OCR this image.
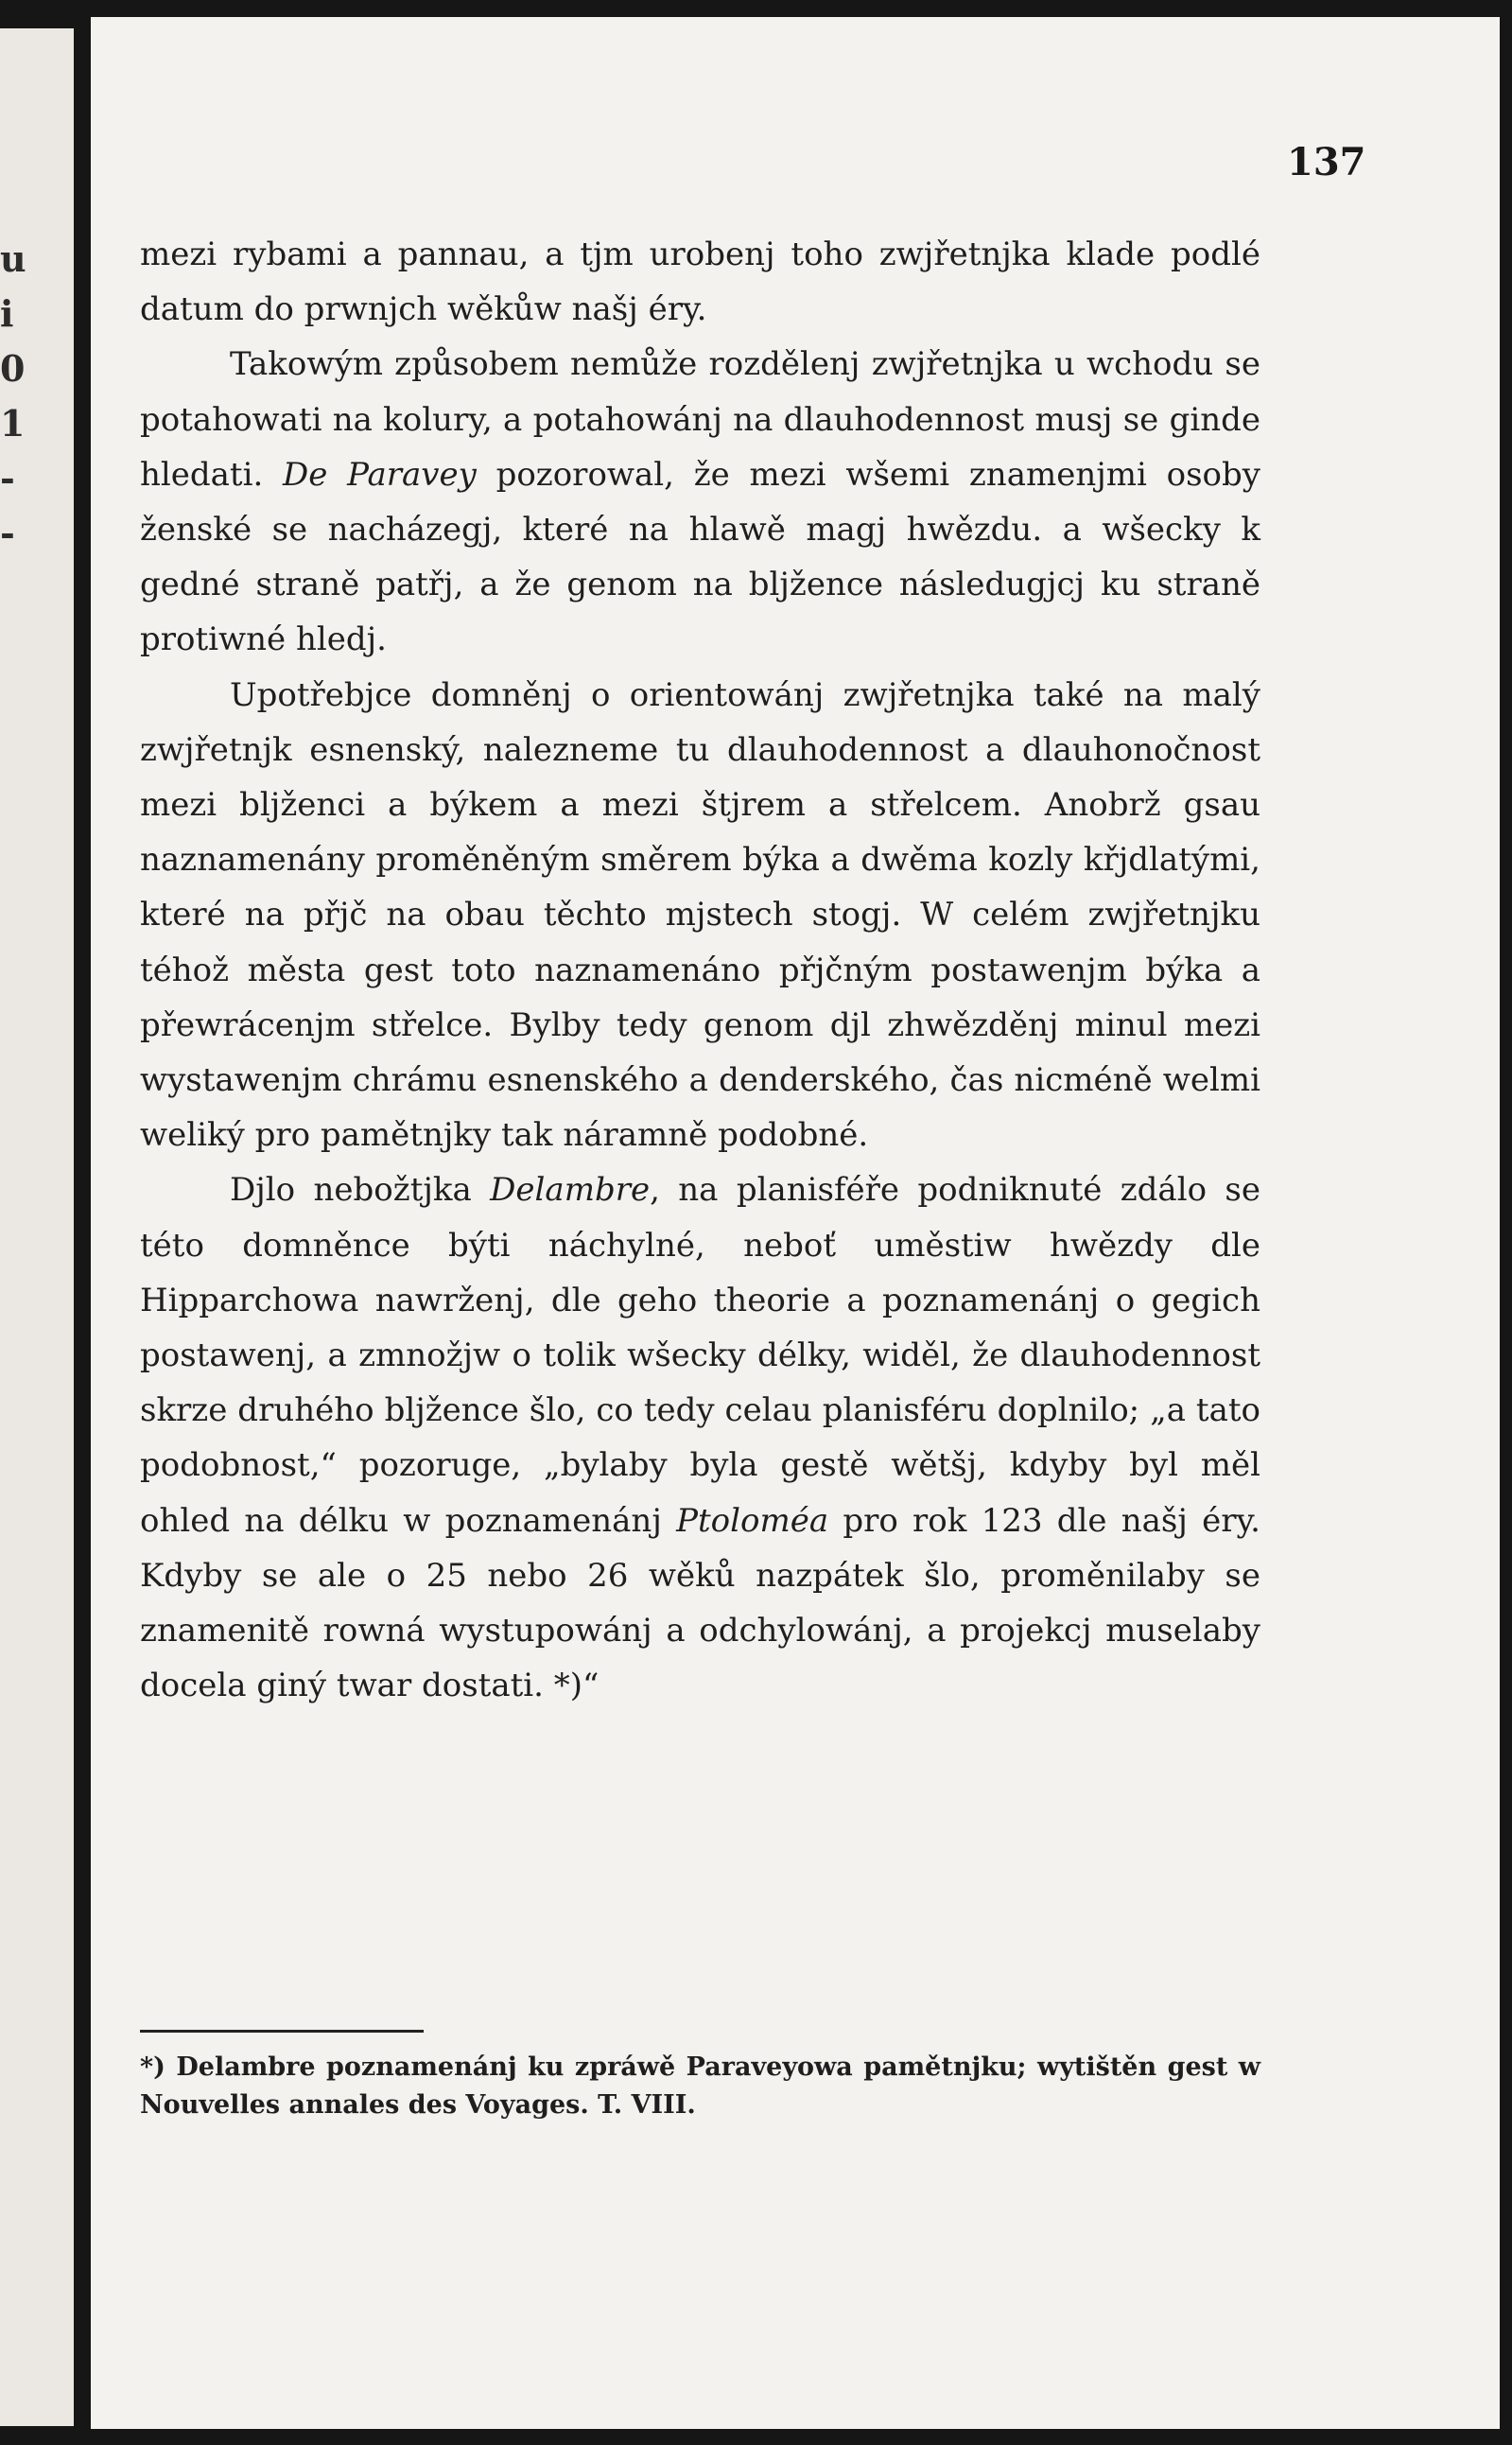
u
i
0
1
-
-
137

mezi rybami a pannau, a tjm urobenj toho zwjřetnjka klade podlé datum do prwnjch wěkůw našj éry.

Takowým způsobem nemůže rozdělenj zwjřetnjka u wchodu se potahowati na kolury, a potahowánj na dlauhodennost musj se ginde hledati. De Paravey pozorowal, že mezi wšemi znamenjmi osoby ženské se nacházegj, které na hlawě magj hwězdu. a wšecky k gedné straně patřj, a že genom na bljžence následugjcj ku straně protiwné hledj.

Upotřebjce domněnj o orientowánj zwjřetnjka také na malý zwjřetnjk esnenský, nalezneme tu dlauhodennost a dlauhonočnost mezi bljženci a býkem a mezi štjrem a střelcem. Anobrž gsau naznamenány proměněným směrem býka a dwěma kozly křjdlatými, které na přjč na obau těchto mjstech stogj. W celém zwjřetnjku téhož města gest toto naznamenáno přjčným postawenjm býka a přewrácenjm střelce. Bylby tedy genom djl zhwězděnj minul mezi wystawenjm chrámu esnenského a denderského, čas nicméně welmi weliký pro pamětnjky tak náramně podobné.

Djlo nebožtjka Delambre, na planisféře podniknuté zdálo se této domněnce býti náchylné, neboť uměstiw hwězdy dle Hipparchowa nawrženj, dle geho theorie a poznamenánj o gegich postawenj, a zmnožjw o tolik wšecky délky, widěl, že dlauhodennost skrze druhého bljžence šlo, co tedy celau planisféru doplnilo; „a tato podobnost,“ pozoruge, „bylaby byla gestě wětšj, kdyby byl měl ohled na délku w poznamenánj Ptoloméa pro rok 123 dle našj éry. Kdyby se ale o 25 nebo 26 wěků nazpátek šlo, proměnilaby se znamenitě rowná wystupowánj a odchylowánj, a projekcj muselaby docela giný twar dostati. *)“

*) Delambre poznamenánj ku zpráwě Paraveyowa pamětnjku; wytištěn gest w Nouvelles annales des Voyages. T. VIII.
